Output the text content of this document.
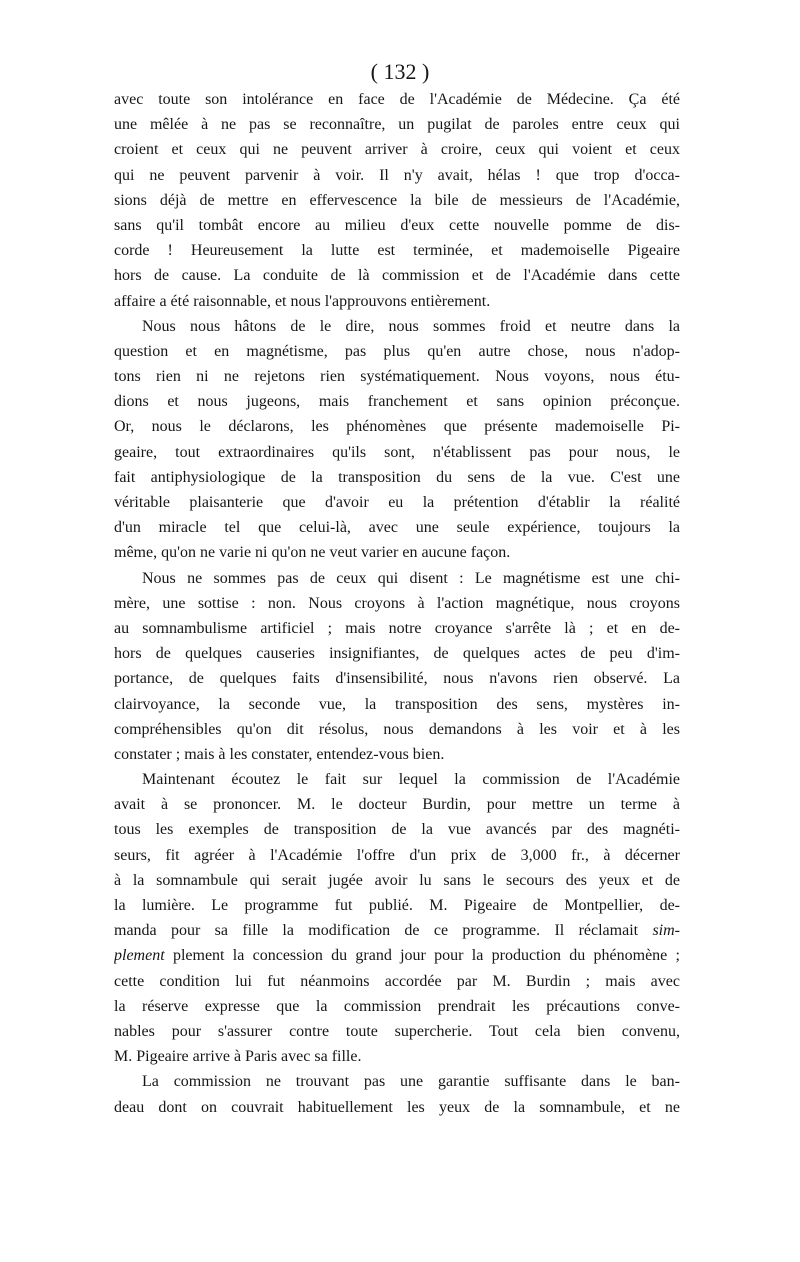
( 132 )
avec toute son intolérance en face de l'Académie de Médecine. Ça été
une mêlée à ne pas se reconnaître, un pugilat de paroles entre ceux qui
croient et ceux qui ne peuvent arriver à croire, ceux qui voient et ceux
qui ne peuvent parvenir à voir. Il n'y avait, hélas ! que trop d'occa-
sions déjà de mettre en effervescence la bile de messieurs de l'Académie,
sans qu'il tombât encore au milieu d'eux cette nouvelle pomme de dis-
corde ! Heureusement la lutte est terminée, et mademoiselle Pigeaire
hors de cause. La conduite de là commission et de l'Académie dans cette
affaire a été raisonnable, et nous l'approuvons entièrement.
Nous nous hâtons de le dire, nous sommes froid et neutre dans la
question et en magnétisme, pas plus qu'en autre chose, nous n'adop-
tons rien ni ne rejetons rien systématiquement. Nous voyons, nous étu-
dions et nous jugeons, mais franchement et sans opinion préconçue.
Or, nous le déclarons, les phénomènes que présente mademoiselle Pi-
geaire, tout extraordinaires qu'ils sont, n'établissent pas pour nous, le
fait antiphysiologique de la transposition du sens de la vue. C'est une
véritable plaisanterie que d'avoir eu la prétention d'établir la réalité
d'un miracle tel que celui-là, avec une seule expérience, toujours la
même, qu'on ne varie ni qu'on ne veut varier en aucune façon.
Nous ne sommes pas de ceux qui disent : Le magnétisme est une chi-
mère, une sottise : non. Nous croyons à l'action magnétique, nous croyons
au somnambulisme artificiel ; mais notre croyance s'arrête là ; et en de-
hors de quelques causeries insignifiantes, de quelques actes de peu d'im-
portance, de quelques faits d'insensibilité, nous n'avons rien observé. La
clairvoyance, la seconde vue, la transposition des sens, mystères in-
compréhensibles qu'on dit résolus, nous demandons à les voir et à les
constater ; mais à les constater, entendez-vous bien.
Maintenant écoutez le fait sur lequel la commission de l'Académie
avait à se prononcer. M. le docteur Burdin, pour mettre un terme à
tous les exemples de transposition de la vue avancés par des magnéti-
seurs, fit agréer à l'Académie l'offre d'un prix de 3,000 fr., à décerner
à la somnambule qui serait jugée avoir lu sans le secours des yeux et de
la lumière. Le programme fut publié. M. Pigeaire de Montpellier, de-
manda pour sa fille la modification de ce programme. Il réclamait sim-
plement plement la concession du grand jour pour la production du phénomène ;
cette condition lui fut néanmoins accordée par M. Burdin ; mais avec
la réserve expresse que la commission prendrait les précautions conve-
nables pour s'assurer contre toute supercherie. Tout cela bien convenu,
M. Pigeaire arrive à Paris avec sa fille.
La commission ne trouvant pas une garantie suffisante dans le ban-
deau dont on couvrait habituellement les yeux de la somnambule, et ne
